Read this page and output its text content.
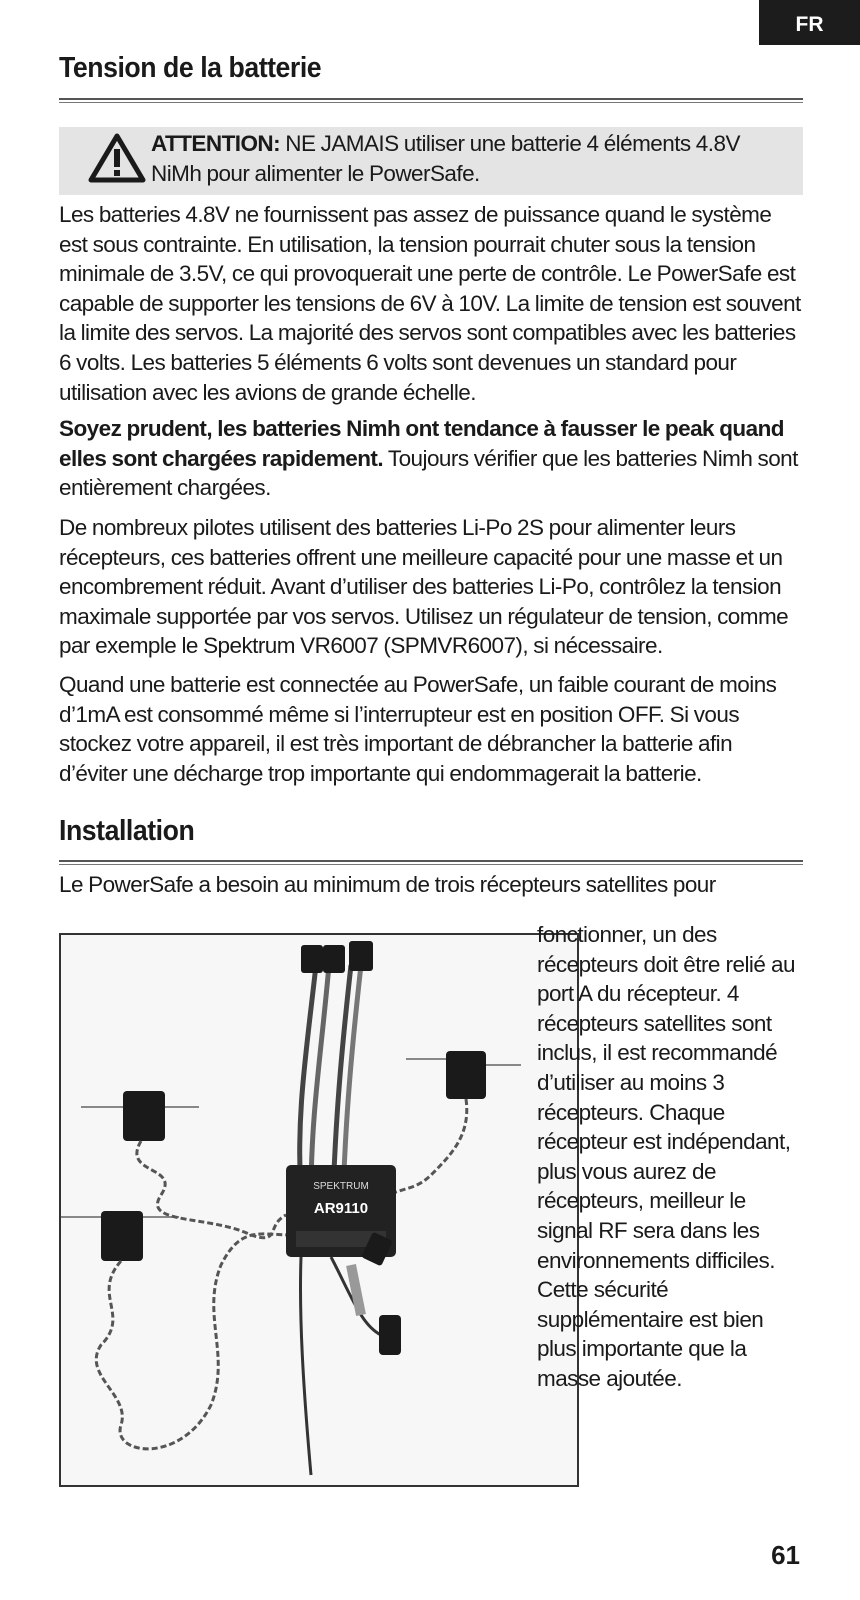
FR
Tension de la batterie
ATTENTION: NE JAMAIS utiliser une batterie 4 éléments 4.8V NiMh pour alimenter le PowerSafe.
Les batteries 4.8V ne fournissent pas assez de puissance quand le système est sous contrainte. En utilisation, la tension pourrait chuter sous la tension minimale de 3.5V, ce qui provoquerait une perte de contrôle. Le PowerSafe est capable de supporter les tensions de 6V à 10V. La limite de tension est souvent la limite des servos. La majorité des servos sont compatibles avec les batteries 6 volts. Les batteries 5 éléments 6 volts sont devenues un standard pour utilisation avec les avions de grande échelle.
Soyez prudent, les batteries Nimh ont tendance à fausser le peak quand elles sont chargées rapidement. Toujours vérifier que les batteries Nimh sont entièrement chargées.
De nombreux pilotes utilisent des batteries Li-Po 2S pour alimenter leurs récepteurs, ces batteries offrent une meilleure capacité pour une masse et un encombrement réduit. Avant d’utiliser des batteries Li-Po, contrôlez la tension maximale supportée par vos servos. Utilisez un régulateur de tension, comme par exemple le Spektrum VR6007 (SPMVR6007), si nécessaire.
Quand une batterie est connectée au PowerSafe, un faible courant de moins d’1mA est consommé même si l’interrupteur est en position OFF. Si vous stockez votre appareil, il est très important de débrancher la batterie afin d’éviter une décharge trop importante qui endommagerait la batterie.
Installation
Le PowerSafe a besoin au minimum de trois récepteurs satellites pour
SPEKTRUM
AR9110
fonctionner, un des récepteurs doit être relié au port A du récepteur. 4 récepteurs satellites sont inclus, il est recommandé d’utiliser au moins 3 récepteurs. Chaque récepteur est indépendant, plus vous aurez de récepteurs, meilleur le signal RF sera dans les environnements difficiles. Cette sécurité supplémentaire est bien plus importante que la masse ajoutée.
61
